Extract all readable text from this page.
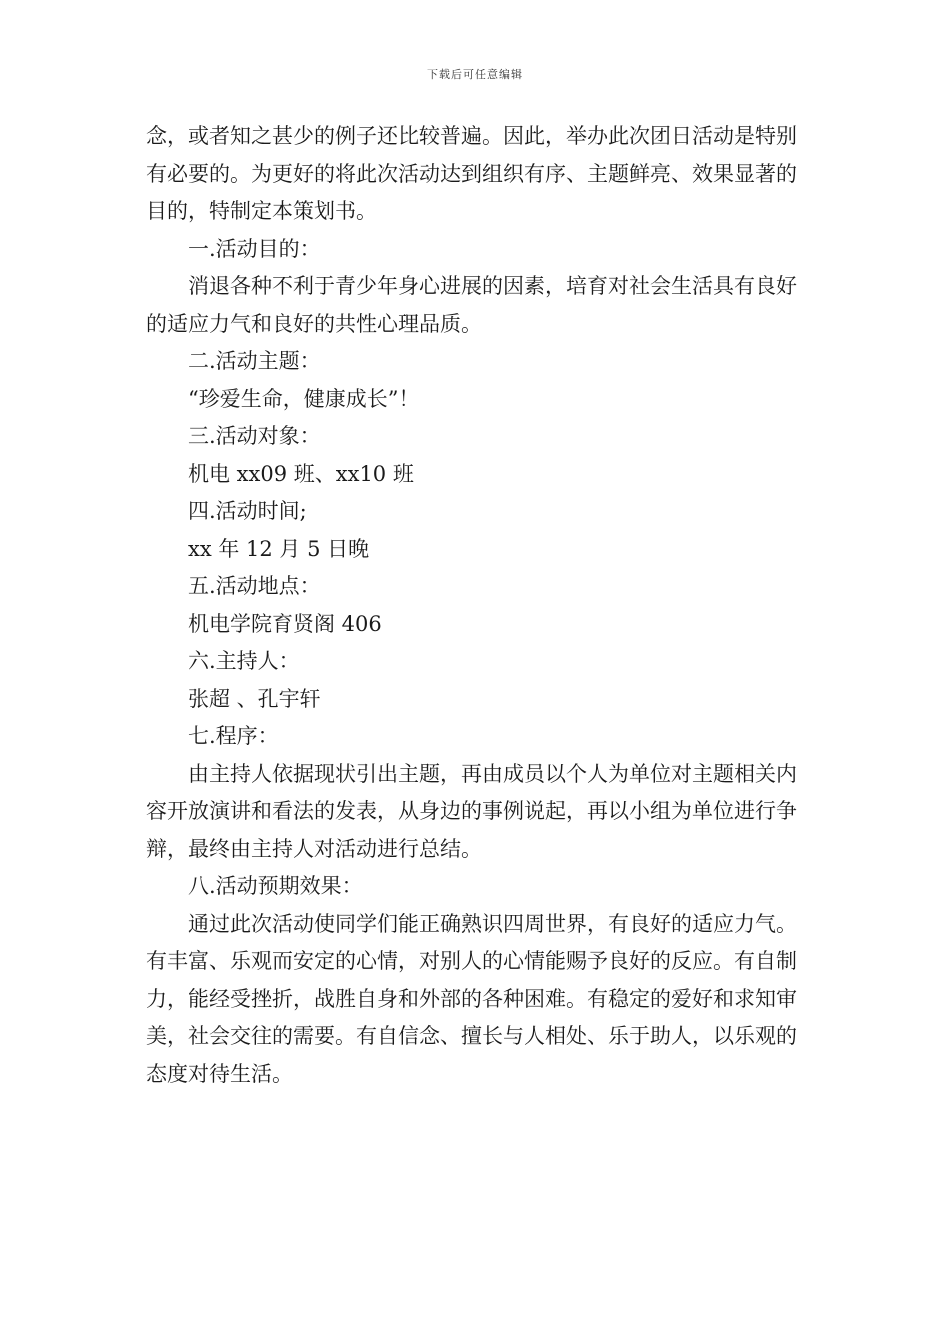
下载后可任意编辑

念，或者知之甚少的例子还比较普遍。因此，举办此次团日活动是特别有必要的。为更好的将此次活动达到组织有序、主题鲜亮、效果显著的目的，特制定本策划书。

一.活动目的：

消退各种不利于青少年身心进展的因素，培育对社会生活具有良好的适应力气和良好的共性心理品质。

二.活动主题：

“珍爱生命，健康成长”！

三.活动对象：

机电 xx09 班、xx10 班

四.活动时间;

xx 年 12 月 5 日晚

五.活动地点：

机电学院育贤阁 406

六.主持人：

张超 、孔宇轩

七.程序：

由主持人依据现状引出主题，再由成员以个人为单位对主题相关内容开放演讲和看法的发表，从身边的事例说起，再以小组为单位进行争辩，最终由主持人对活动进行总结。

八.活动预期效果：

通过此次活动使同学们能正确熟识四周世界，有良好的适应力气。有丰富、乐观而安定的心情，对别人的心情能赐予良好的反应。有自制力，能经受挫折，战胜自身和外部的各种困难。有稳定的爱好和求知审美，社会交往的需要。有自信念、擅长与人相处、乐于助人，以乐观的态度对待生活。
